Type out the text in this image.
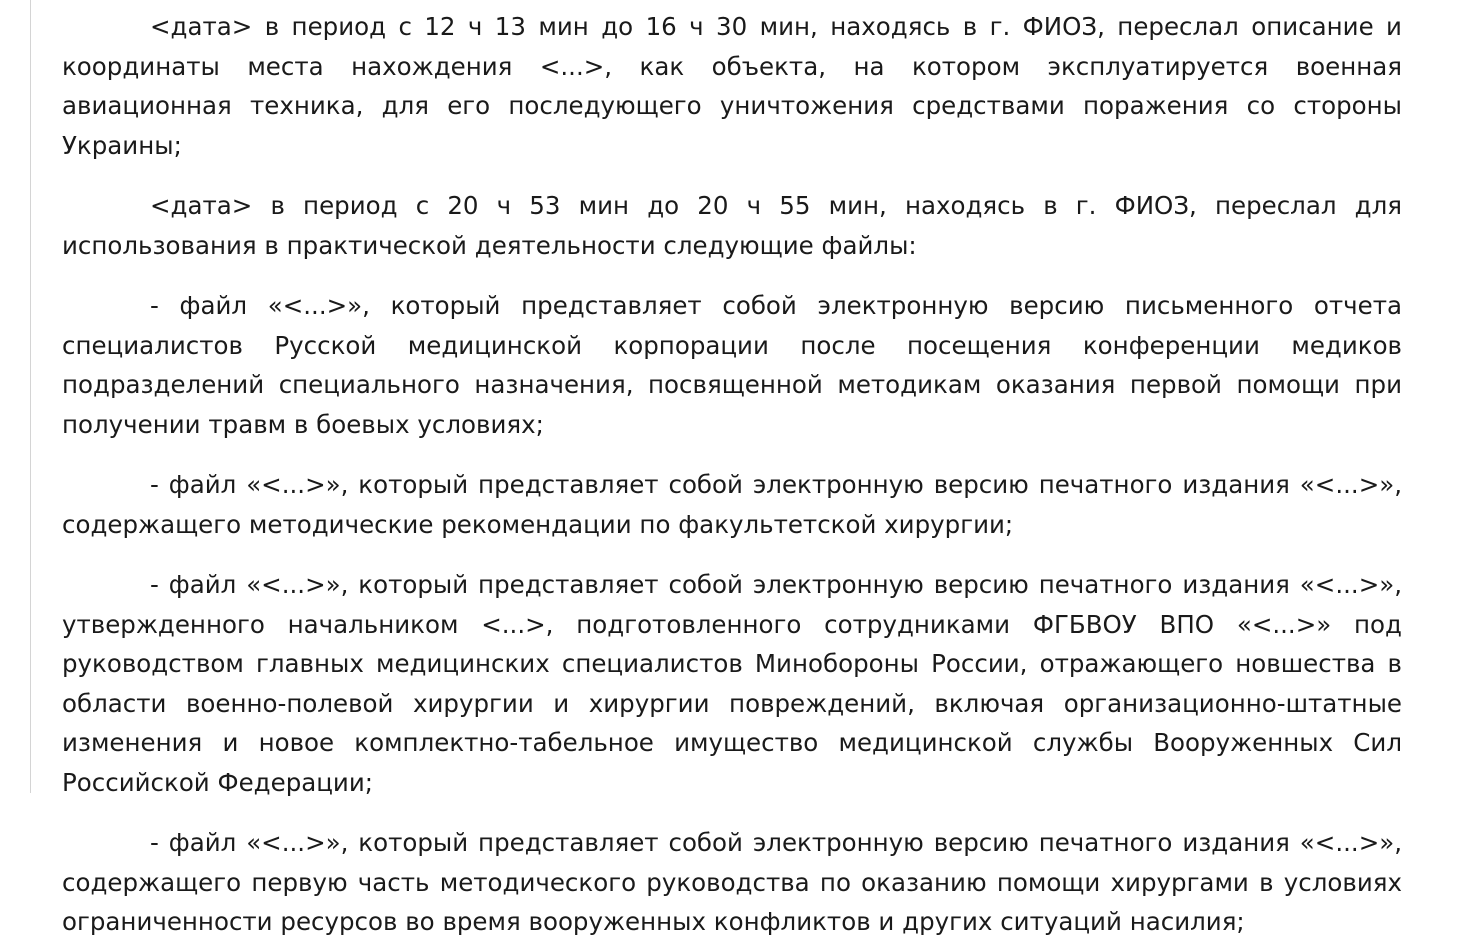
<дата> в период с 12 ч 13 мин до 16 ч 30 мин, находясь в г. ФИОЗ, переслал описание и координаты места нахождения <...>, как объекта, на котором эксплуатируется военная авиационная техника, для его последующего уничтожения средствами поражения со стороны Украины;

<дата> в период с 20 ч 53 мин до 20 ч 55 мин, находясь в г. ФИОЗ, переслал для использования в практической деятельности следующие файлы:

- файл «<...>», который представляет собой электронную версию письменного отчета специалистов Русской медицинской корпорации после посещения конференции медиков подразделений специального назначения, посвященной методикам оказания первой помощи при получении травм в боевых условиях;

- файл «<...>», который представляет собой электронную версию печатного издания «<...>», содержащего методические рекомендации по факультетской хирургии;

- файл «<...>», который представляет собой электронную версию печатного издания «<...>», утвержденного начальником <...>, подготовленного сотрудниками ФГБВОУ ВПО «<...>» под руководством главных медицинских специалистов Минобороны России, отражающего новшества в области военно-полевой хирургии и хирургии повреждений, включая организационно-штатные изменения и новое комплектно-табельное имущество медицинской службы Вооруженных Сил Российской Федерации;

- файл «<...>», который представляет собой электронную версию печатного издания «<...>», содержащего первую часть методического руководства по оказанию помощи хирургами в условиях ограниченности ресурсов во время вооруженных конфликтов и других ситуаций насилия;
